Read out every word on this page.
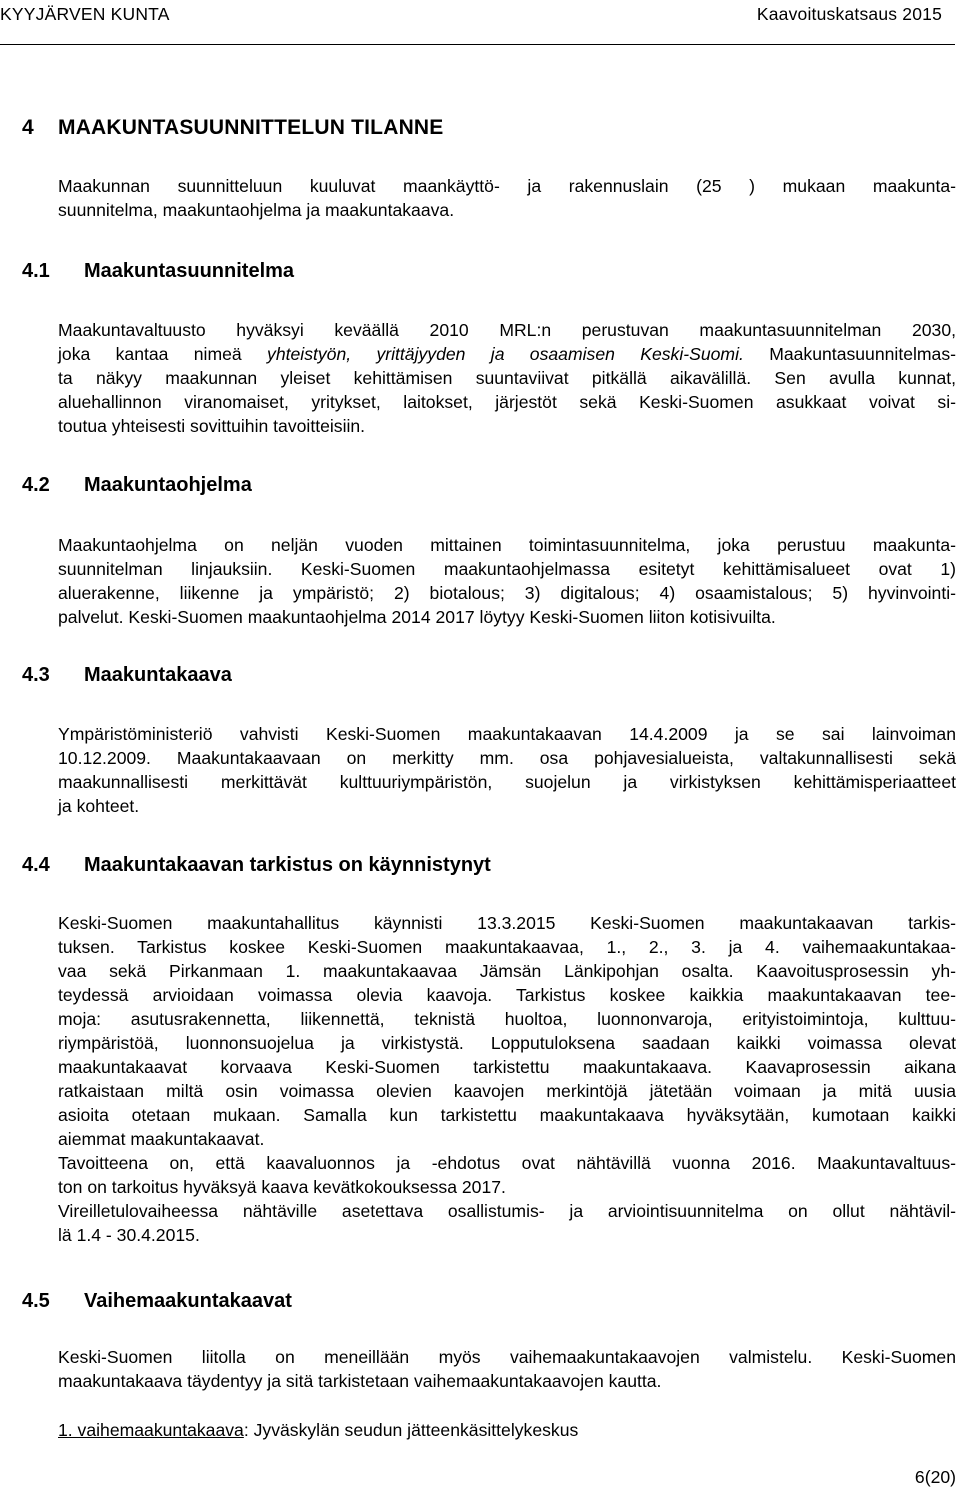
KYYJÄRVEN KUNTA	Kaavoituskatsaus 2015
4 MAAKUNTASUUNNITTELUN TILANNE
Maakunnan suunnitteluun kuuluvat maankäyttö- ja rakennuslain (25 ) mukaan maakunta-
suunnitelma, maakuntaohjelma ja maakuntakaava.
4.1 Maakuntasuunnitelma
Maakuntavaltuusto hyväksyi keväällä 2010 MRL:n perustuvan maakuntasuunnitelman 2030,
joka kantaa nimeä yhteistyön, yrittäjyyden ja osaamisen Keski-Suomi. Maakuntasuunnitelmas-
ta näkyy maakunnan yleiset kehittämisen suuntaviivat pitkällä aikavälillä. Sen avulla kunnat,
aluehallinnon viranomaiset, yritykset, laitokset, järjestöt sekä Keski-Suomen asukkaat voivat si-
toutua yhteisesti sovittuihin tavoitteisiin.
4.2 Maakuntaohjelma
Maakuntaohjelma on neljän vuoden mittainen toimintasuunnitelma, joka perustuu maakunta-
suunnitelman linjauksiin. Keski-Suomen maakuntaohjelmassa esitetyt kehittämisalueet ovat 1)
aluerakenne, liikenne ja ympäristö; 2) biotalous; 3) digitalous; 4) osaamistalous; 5) hyvinvointi-
palvelut. Keski-Suomen maakuntaohjelma 2014 2017 löytyy Keski-Suomen liiton kotisivuilta.
4.3 Maakuntakaava
Ympäristöministeriö vahvisti Keski-Suomen maakuntakaavan 14.4.2009 ja se sai lainvoiman
10.12.2009. Maakuntakaavaan on merkitty mm. osa pohjavesialueista, valtakunnallisesti sekä
maakunnallisesti merkittävät kulttuuriympäristön, suojelun ja virkistyksen kehittämisperiaatteet
ja kohteet.
4.4 Maakuntakaavan tarkistus on käynnistynyt
Keski-Suomen maakuntahallitus käynnisti 13.3.2015 Keski-Suomen maakuntakaavan tarkis-
tuksen. Tarkistus koskee Keski-Suomen maakuntakaavaa, 1., 2., 3. ja 4. vaihemaakuntakaa-
vaa sekä Pirkanmaan 1. maakuntakaavaa Jämsän Länkipohjan osalta. Kaavoitusprosessin yh-
teydessä arvioidaan voimassa olevia kaavoja. Tarkistus koskee kaikkia maakuntakaavan tee-
moja: asutusrakennetta, liikennettä, teknistä huoltoa, luonnonvaroja, erityistoimintoja, kulttuu-
riympäristöä, luonnonsuojelua ja virkistystä. Lopputuloksena saadaan kaikki voimassa olevat
maakuntakaavat korvaava Keski-Suomen tarkistettu maakuntakaava. Kaavaprosessin aikana
ratkaistaan miltä osin voimassa olevien kaavojen merkintöjä jätetään voimaan ja mitä uusia
asioita otetaan mukaan. Samalla kun tarkistettu maakuntakaava hyväksytään, kumotaan kaikki
aiemmat maakuntakaavat.
Tavoitteena on, että kaavaluonnos ja -ehdotus ovat nähtävillä vuonna 2016. Maakuntavaltuus-
ton on tarkoitus hyväksyä kaava kevätkokouksessa 2017.
Vireilletulovaiheessa nähtäville asetettava osallistumis- ja arviointisuunnitelma on ollut nähtävil-
lä 1.4 - 30.4.2015.
4.5 Vaihemaakuntakaavat
Keski-Suomen liitolla on meneillään myös vaihemaakuntakaavojen valmistelu. Keski-Suomen
maakuntakaava täydentyy ja sitä tarkistetaan vaihemaakuntakaavojen kautta.
1. vaihemaakuntakaava: Jyväskylän seudun jätteenkäsittelykeskus
6(20)
